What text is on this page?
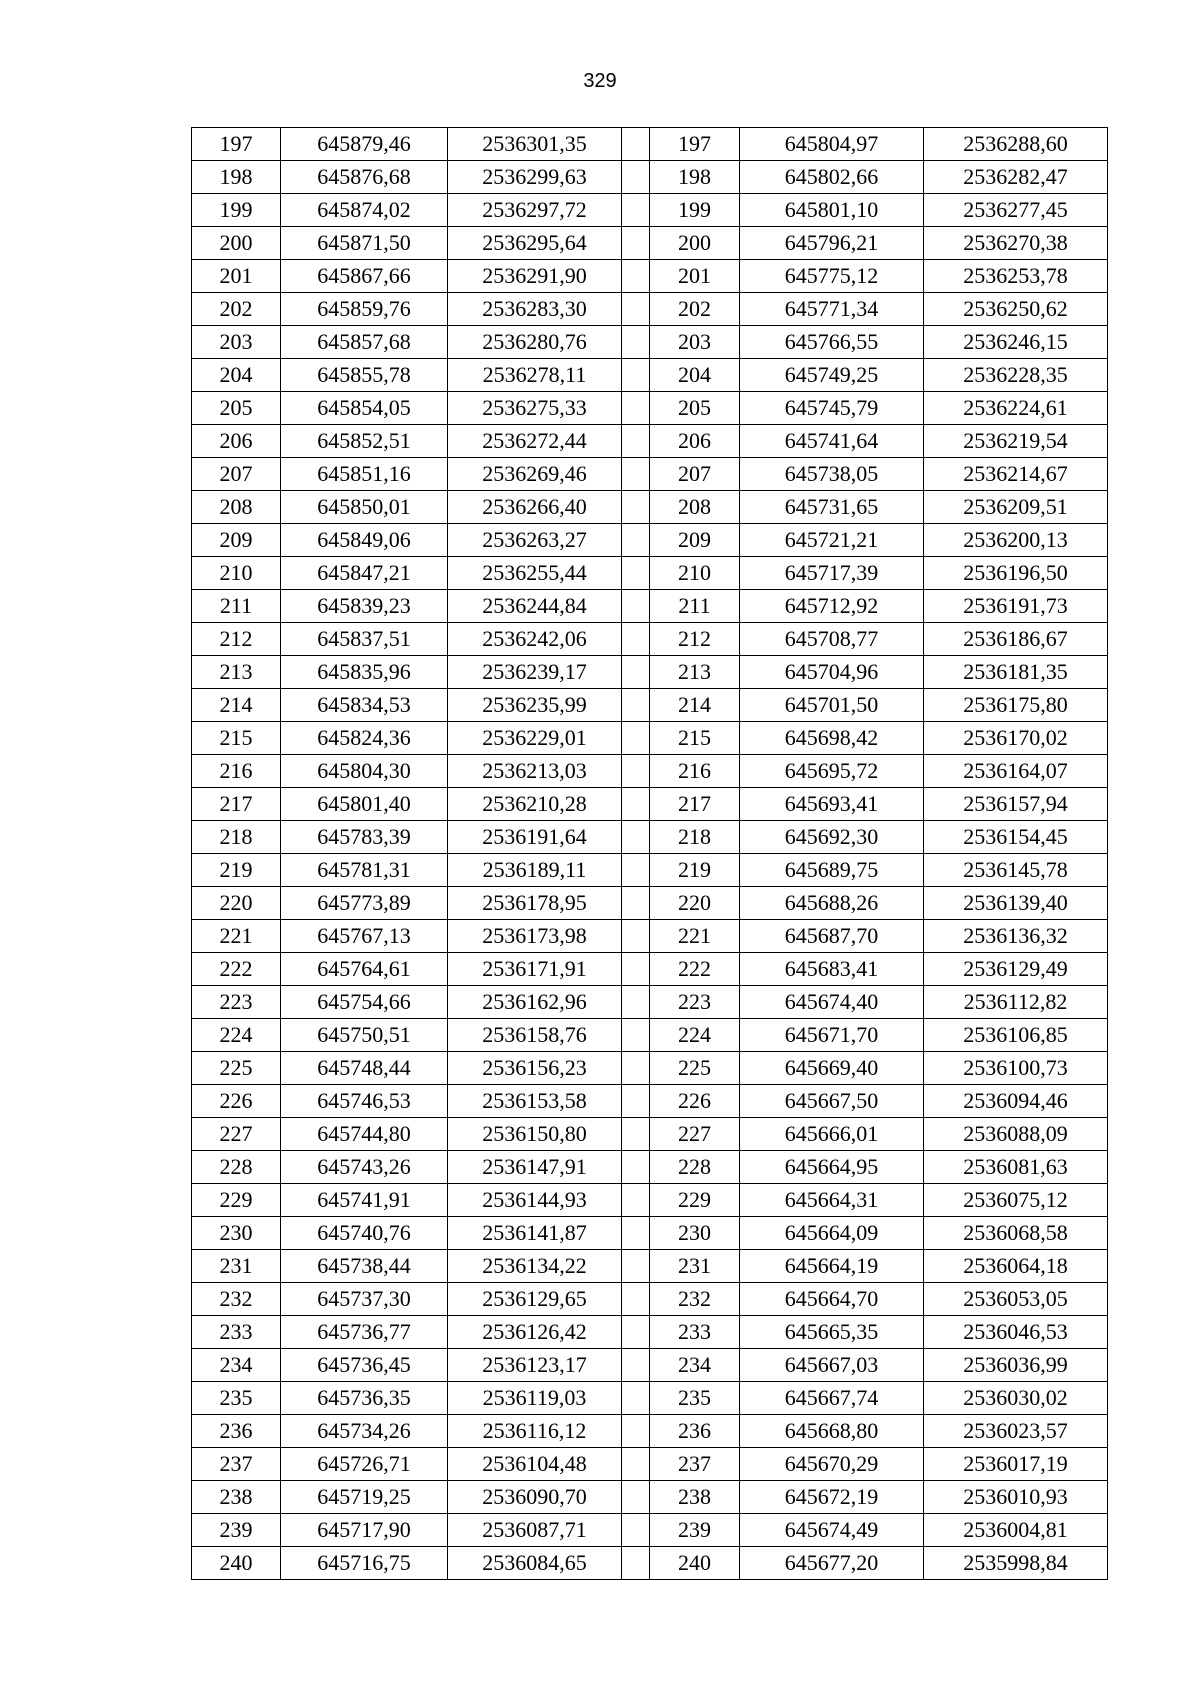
329
197	645879,46	2536301,35		197	645804,97	2536288,60
198	645876,68	2536299,63		198	645802,66	2536282,47
199	645874,02	2536297,72		199	645801,10	2536277,45
200	645871,50	2536295,64		200	645796,21	2536270,38
201	645867,66	2536291,90		201	645775,12	2536253,78
202	645859,76	2536283,30		202	645771,34	2536250,62
203	645857,68	2536280,76		203	645766,55	2536246,15
204	645855,78	2536278,11		204	645749,25	2536228,35
205	645854,05	2536275,33		205	645745,79	2536224,61
206	645852,51	2536272,44		206	645741,64	2536219,54
207	645851,16	2536269,46		207	645738,05	2536214,67
208	645850,01	2536266,40		208	645731,65	2536209,51
209	645849,06	2536263,27		209	645721,21	2536200,13
210	645847,21	2536255,44		210	645717,39	2536196,50
211	645839,23	2536244,84		211	645712,92	2536191,73
212	645837,51	2536242,06		212	645708,77	2536186,67
213	645835,96	2536239,17		213	645704,96	2536181,35
214	645834,53	2536235,99		214	645701,50	2536175,80
215	645824,36	2536229,01		215	645698,42	2536170,02
216	645804,30	2536213,03		216	645695,72	2536164,07
217	645801,40	2536210,28		217	645693,41	2536157,94
218	645783,39	2536191,64		218	645692,30	2536154,45
219	645781,31	2536189,11		219	645689,75	2536145,78
220	645773,89	2536178,95		220	645688,26	2536139,40
221	645767,13	2536173,98		221	645687,70	2536136,32
222	645764,61	2536171,91		222	645683,41	2536129,49
223	645754,66	2536162,96		223	645674,40	2536112,82
224	645750,51	2536158,76		224	645671,70	2536106,85
225	645748,44	2536156,23		225	645669,40	2536100,73
226	645746,53	2536153,58		226	645667,50	2536094,46
227	645744,80	2536150,80		227	645666,01	2536088,09
228	645743,26	2536147,91		228	645664,95	2536081,63
229	645741,91	2536144,93		229	645664,31	2536075,12
230	645740,76	2536141,87		230	645664,09	2536068,58
231	645738,44	2536134,22		231	645664,19	2536064,18
232	645737,30	2536129,65		232	645664,70	2536053,05
233	645736,77	2536126,42		233	645665,35	2536046,53
234	645736,45	2536123,17		234	645667,03	2536036,99
235	645736,35	2536119,03		235	645667,74	2536030,02
236	645734,26	2536116,12		236	645668,80	2536023,57
237	645726,71	2536104,48		237	645670,29	2536017,19
238	645719,25	2536090,70		238	645672,19	2536010,93
239	645717,90	2536087,71		239	645674,49	2536004,81
240	645716,75	2536084,65		240	645677,20	2535998,84
